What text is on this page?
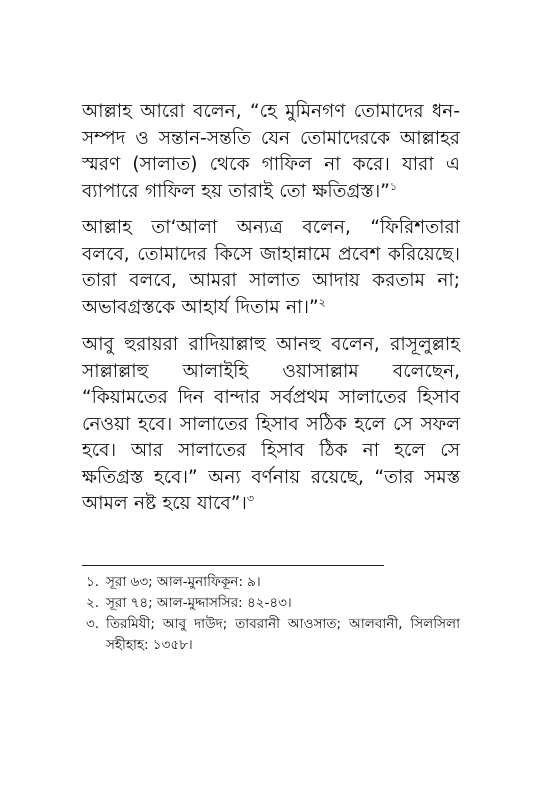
আল্লাহ আরো বলেন, “হে মুমিনগণ তোমাদের ধন-সম্পদ ও সন্তান-সন্ততি যেন তোমাদেরকে আল্লাহর স্মরণ (সালাত) থেকে গাফিল না করে। যারা এ ব্যাপারে গাফিল হয় তারাই তো ক্ষতিগ্রস্ত।”$^১$

আল্লাহ তা‘আলা অন্যত্র বলেন, “ফিরিশতারা বলবে, তোমাদের কিসে জাহান্নামে প্রবেশ করিয়েছে। তারা বলবে, আমরা সালাত আদায় করতাম না; অভাবগ্রস্তকে আহার্য দিতাম না।”$^২$

আবু হুরায়রা রাদিয়াল্লাহু আনহু বলেন, রাসূলুল্লাহ সাল্লাল্লাহু আলাইহি ওয়াসাল্লাম বলেছেন, “কিয়ামতের দিন বান্দার সর্বপ্রথম সালাতের হিসাব নেওয়া হবে। সালাতের হিসাব সঠিক হলে সে সফল হবে। আর সালাতের হিসাব ঠিক না হলে সে ক্ষতিগ্রস্ত হবে।” অন্য বর্ণনায় রয়েছে, “তার সমস্ত আমল নষ্ট হয়ে যাবে”।$^৩$

১. সূরা ৬৩; আল-মুনাফিকূন: ৯।
২. সূরা ৭৪; আল-মুদ্দাসসির: ৪২-৪৩।
৩. তিরমিযী; আবু দাউদ; তাবরানী আওসাত; আলবানী, সিলসিলা সহীহাহ: ১৩৫৮।
